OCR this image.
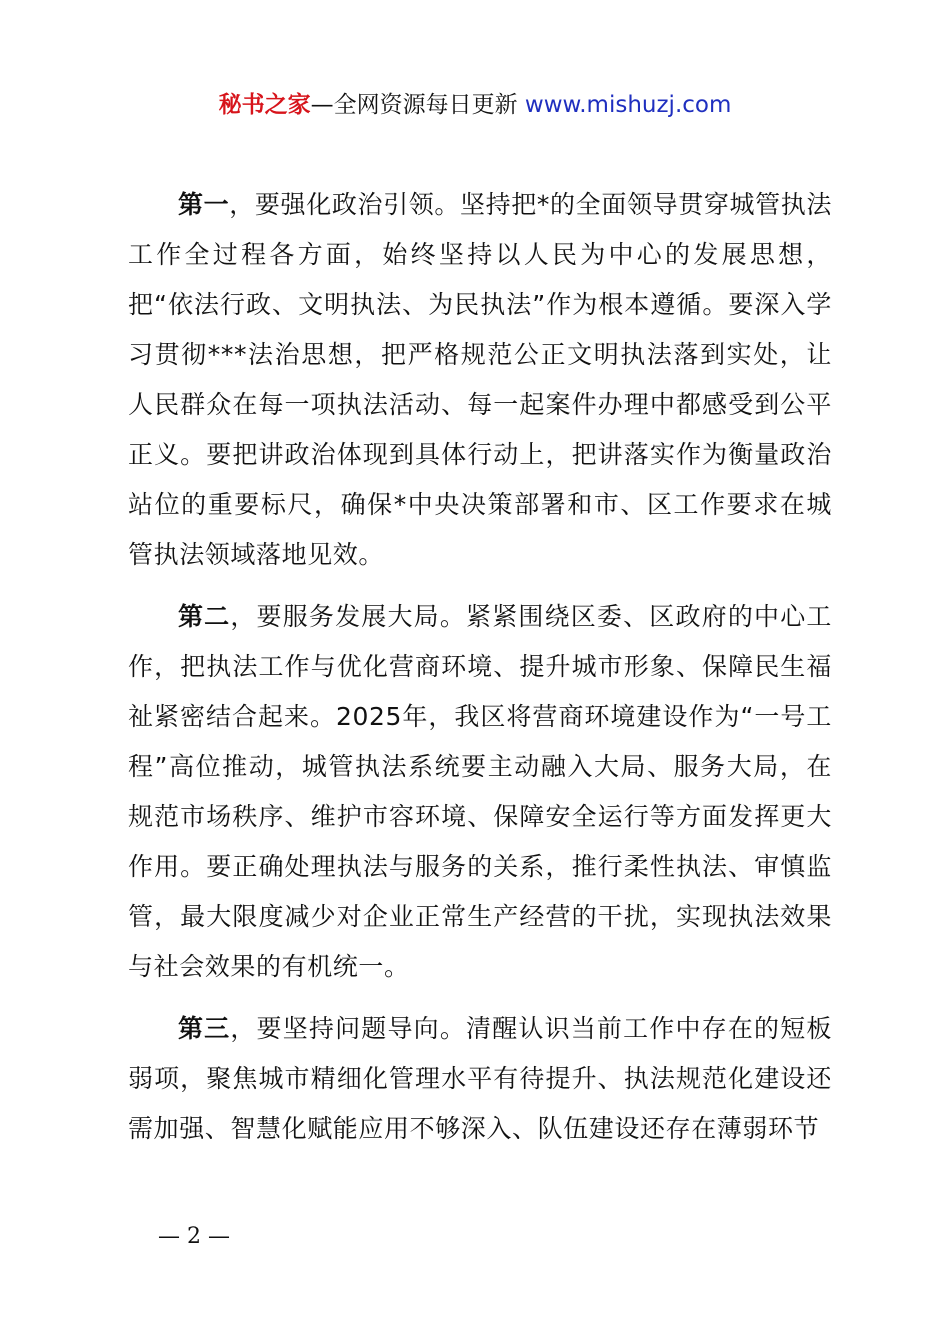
秘书之家—全网资源每日更新 www.mishuzj.com

第一，要强化政治引领。坚持把*的全面领导贯穿城管执法工作全过程各方面，始终坚持以人民为中心的发展思想，把“依法行政、文明执法、为民执法”作为根本遵循。要深入学习贯彻***法治思想，把严格规范公正文明执法落到实处，让人民群众在每一项执法活动、每一起案件办理中都感受到公平正义。要把讲政治体现到具体行动上，把讲落实作为衡量政治站位的重要标尺，确保*中央决策部署和市、区工作要求在城管执法领域落地见效。

第二，要服务发展大局。紧紧围绕区委、区政府的中心工作，把执法工作与优化营商环境、提升城市形象、保障民生福祉紧密结合起来。2025年，我区将营商环境建设作为“一号工程”高位推动，城管执法系统要主动融入大局、服务大局，在规范市场秩序、维护市容环境、保障安全运行等方面发挥更大作用。要正确处理执法与服务的关系，推行柔性执法、审慎监管，最大限度减少对企业正常生产经营的干扰，实现执法效果与社会效果的有机统一。

第三，要坚持问题导向。清醒认识当前工作中存在的短板弱项，聚焦城市精细化管理水平有待提升、执法规范化建设还需加强、智慧化赋能应用不够深入、队伍建设还存在薄弱环节

— 2 —
